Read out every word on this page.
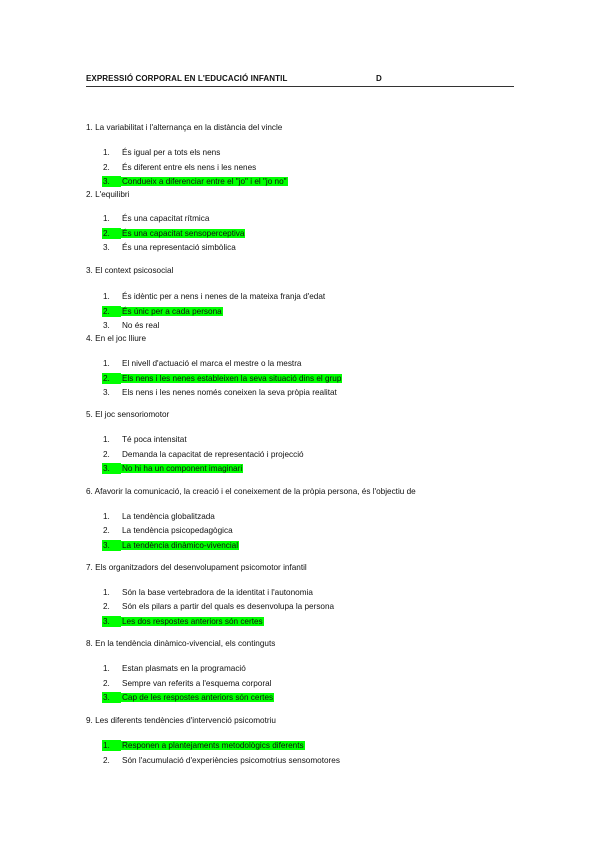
EXPRESSIÓ CORPORAL EN L'EDUCACIÓ INFANTIL	D
1. La variabilitat i l'alternança en la distància del vincle
1. És igual per a tots els nens
2. És diferent entre els nens i les nenes
3. Condueix a diferenciar entre el "jo" i el "jo no"
2. L'equilibri
1. És una capacitat rítmica
2. És una capacitat sensoperceptiva
3. És una representació simbòlica
3. El context psicosocial
1. És idèntic per a nens i nenes de la mateixa franja d'edat
2. És únic per a cada persona
3. No és real
4. En el joc lliure
1. El nivell d'actuació el marca el mestre o la mestra
2. Els nens i les nenes estableixen la seva situació dins el grup
3. Els nens i les nenes només coneixen la seva pròpia realitat
5. El joc sensoriomotor
1. Té poca intensitat
2. Demanda la capacitat de representació i projecció
3. No hi ha un component imaginari
6. Afavorir la comunicació, la creació i el coneixement de la pròpia persona, és l'objectiu de
1. La tendència globalitzada
2. La tendència psicopedagògica
3. La tendència dinàmico-vivencial
7. Els organitzadors del desenvolupament psicomotor infantil
1. Són la base vertebradora de la identitat i l'autonomia
2. Són els pilars a partir del quals es desenvolupa la persona
3. Les dos respostes anteriors són certes
8. En la tendència dinàmico-vivencial, els continguts
1. Estan plasmats en la programació
2. Sempre van referits a l'esquema corporal
3. Cap de les respostes anteriors són certes
9. Les diferents tendències d'intervenció psicomotriu
1. Responen a plantejaments metodològics diferents
2. Són l'acumulació d'experiències psicomotrius sensomotores
